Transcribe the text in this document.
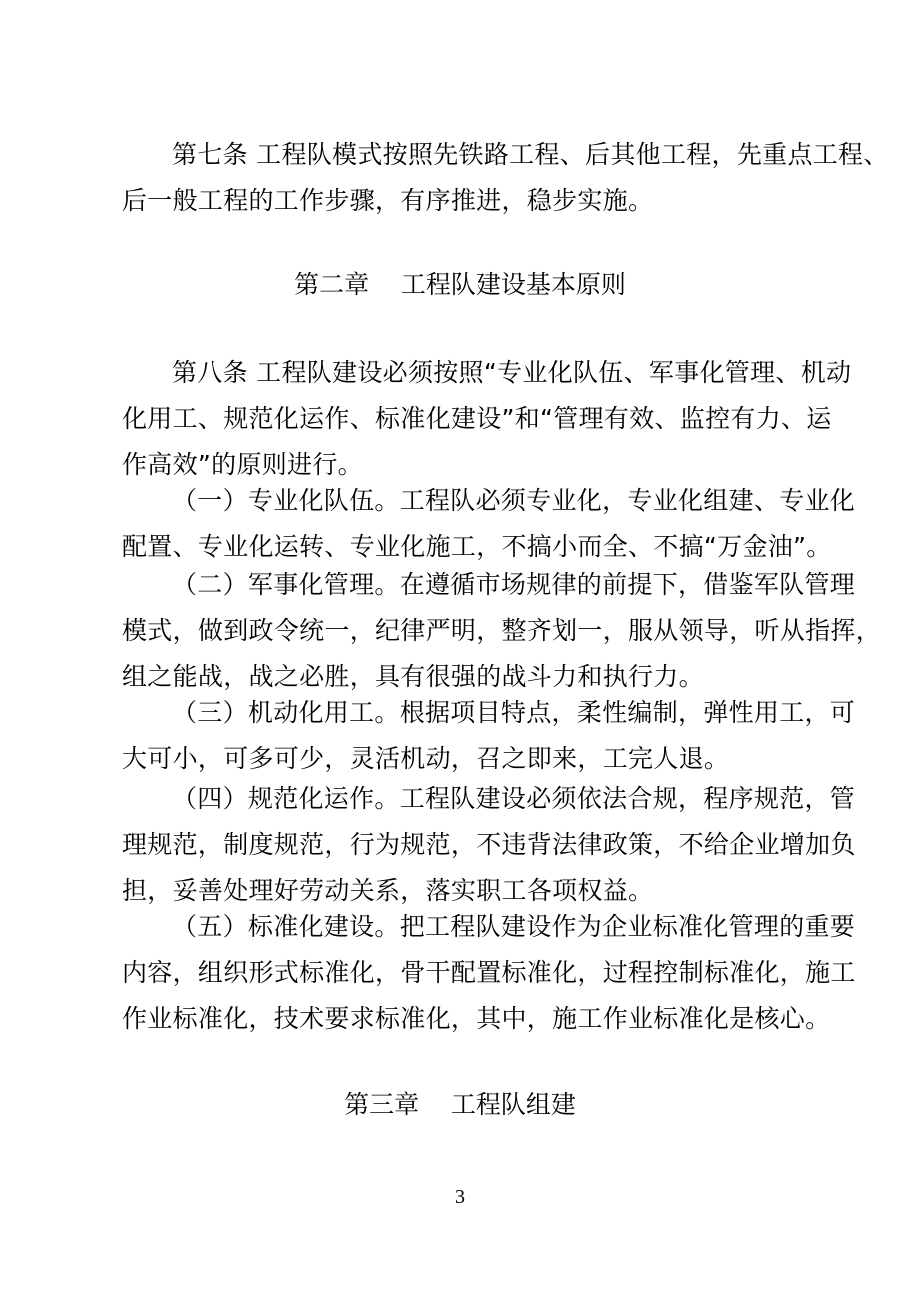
第七条 工程队模式按照先铁路工程、后其他工程，先重点工程、
后一般工程的工作步骤，有序推进，稳步实施。
第二章    工程队建设基本原则
第八条 工程队建设必须按照“专业化队伍、军事化管理、机动
化用工、规范化运作、标准化建设”和“管理有效、监控有力、运
作高效”的原则进行。
（一）专业化队伍。工程队必须专业化，专业化组建、专业化
配置、专业化运转、专业化施工，不搞小而全、不搞“万金油”。
（二）军事化管理。在遵循市场规律的前提下，借鉴军队管理
模式，做到政令统一，纪律严明，整齐划一，服从领导，听从指挥，
组之能战，战之必胜，具有很强的战斗力和执行力。
（三）机动化用工。根据项目特点，柔性编制，弹性用工，可
大可小，可多可少，灵活机动，召之即来，工完人退。
（四）规范化运作。工程队建设必须依法合规，程序规范，管
理规范，制度规范，行为规范，不违背法律政策，不给企业增加负
担，妥善处理好劳动关系，落实职工各项权益。
（五）标准化建设。把工程队建设作为企业标准化管理的重要
内容，组织形式标准化，骨干配置标准化，过程控制标准化，施工
作业标准化，技术要求标准化，其中，施工作业标准化是核心。
第三章    工程队组建
3
